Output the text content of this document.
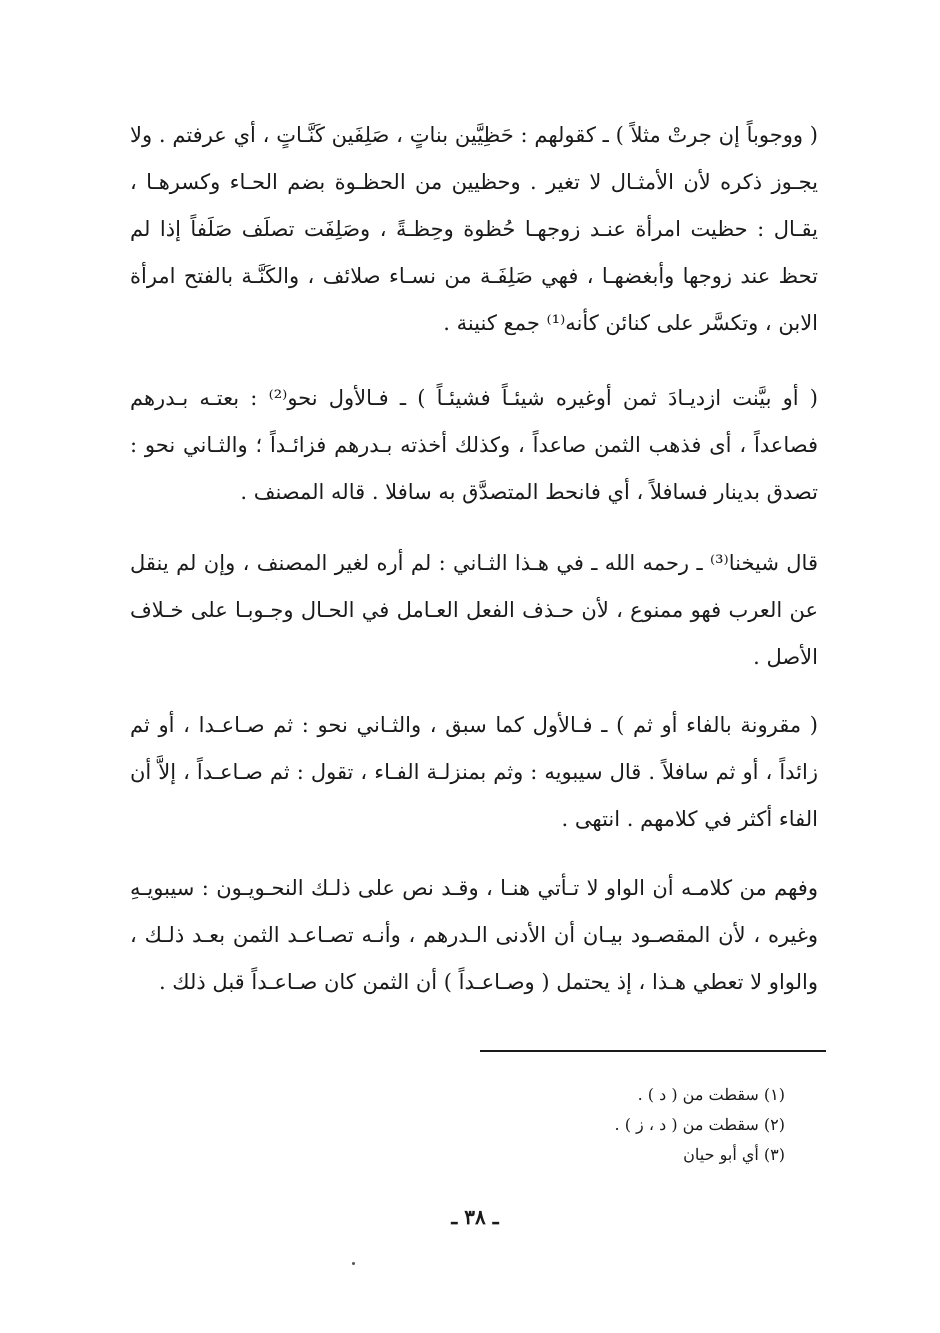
( ووجوباً إن جرتْ مثلاً ) ـ كقولهم : حَظِيَّين بناتٍ ، صَلِفَين كَنَّـاتٍ ، أي عرفتم . ولا يجـوز ذكره لأن الأمثـال لا تغير . وحظيين من الحظـوة بضم الحـاء وكسرهـا ، يقـال : حظيت امرأة عنـد زوجهـا حُظوة وحِظـةً ، وصَلِفَت تصلَف صَلَفاً إذا لم تحظ عند زوجها وأبغضهـا ، فهي صَلِفَـة من نسـاء صلائف ، والكَنَّـة بالفتح امرأة الابن ، وتكسَّر على كنائن كأنه⁽¹⁾ جمع كنينة .

( أو بيَّنت ازديـادَ ثمن أوغيره شيئـاً فشيئـاً ) ـ فـالأول نحو⁽²⁾ : بعتـه بـدرهم فصاعداً ، أى فذهب الثمن صاعداً ، وكذلك أخذته بـدرهم فزائـداً ؛ والثـاني نحو : تصدق بدينار فسافلاً ، أي فانحط المتصدَّق به سافلا . قاله المصنف .

قال شيخنا⁽³⁾ ـ رحمه الله ـ في هـذا الثـاني : لم أره لغير المصنف ، وإن لم ينقل عن العرب فهو ممنوع ، لأن حـذف الفعل العـامل في الحـال وجـوبـا على خـلاف الأصل .

( مقرونة بالفاء أو ثم ) ـ فـالأول كما سبق ، والثـاني نحو : ثم صـاعـدا ، أو ثم زائداً ، أو ثم سافلاً . قال سيبويه : وثم بمنزلـة الفـاء ، تقول : ثم صـاعـداً ، إلاَّ أن الفاء أكثر في كلامهم . انتهى .

وفهم من كلامـه أن الواو لا تـأتي هنـا ، وقـد نص على ذلـك النحـويـون : سيبويـهِ وغيره ، لأن المقصـود بيـان أن الأدنى الـدرهم ، وأنـه تصـاعـد الثمن بعـد ذلـك ، والواو لا تعطي هـذا ، إذ يحتمل ( وصـاعـداً ) أن الثمن كان صـاعـداً قبل ذلك .

(١) سقطت من ( د ) .
(٢) سقطت من ( د ، ز ) .
(٣) أي أبو حيان
ـ ٣٨ ـ
